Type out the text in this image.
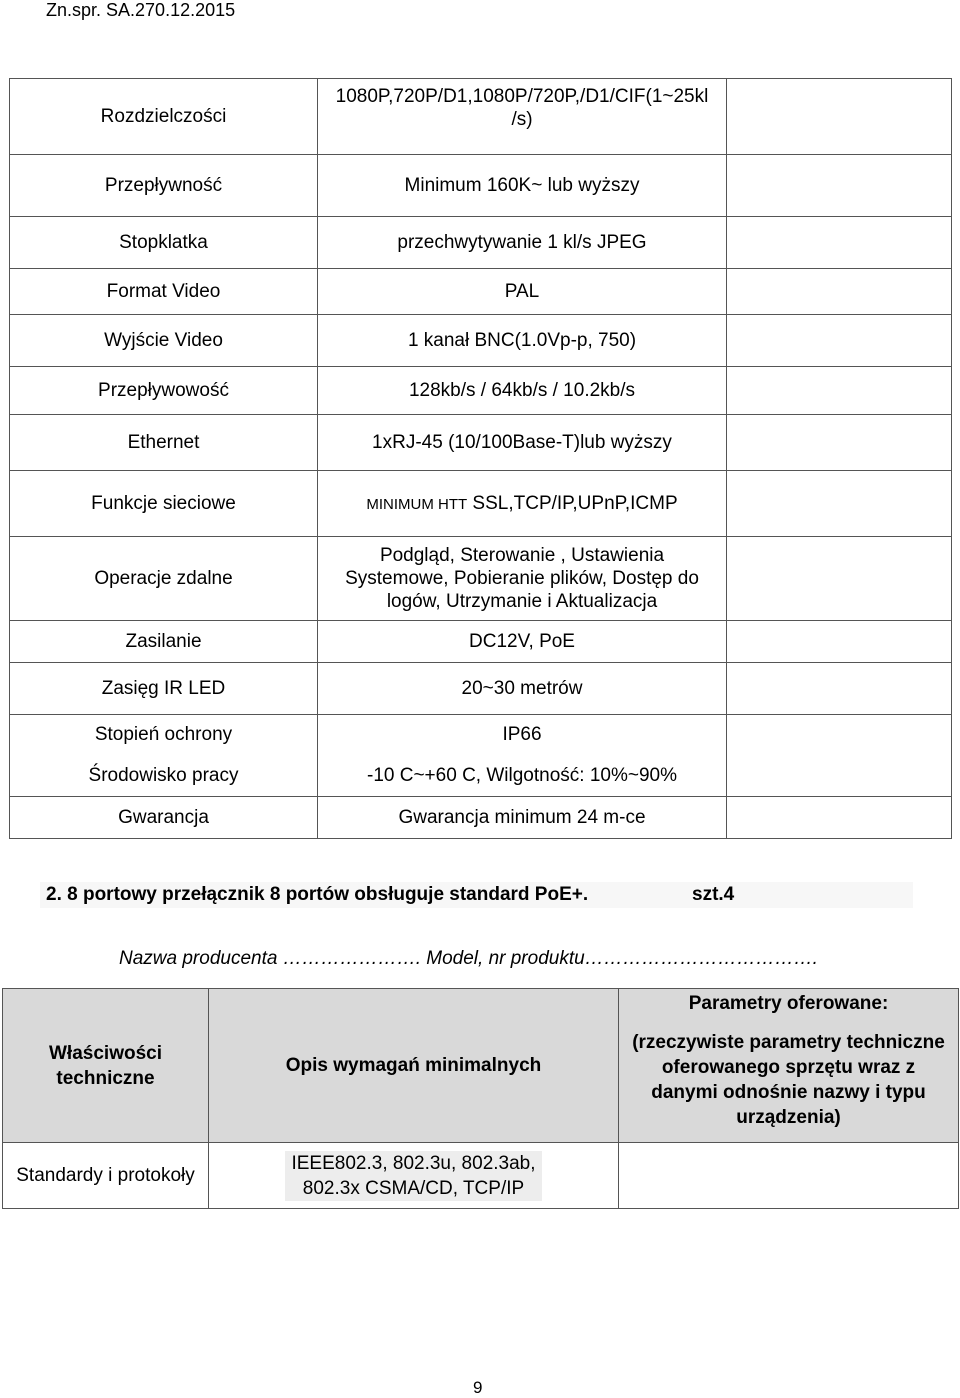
Zn.spr. SA.270.12.2015
Rozdzielczości	1080P,720P/D1,1080P/720P,/D1/CIF(1~25kl
/s)	
Przepływność	Minimum 160K~ lub wyższy	
Stopklatka	przechwytywanie 1 kl/s JPEG	
Format Video	PAL	
Wyjście Video	1 kanał BNC(1.0Vp-p, 750)	
Przepływowość	128kb/s / 64kb/s / 10.2kb/s	
Ethernet	1xRJ-45 (10/100Base-T)lub wyższy	
Funkcje sieciowe	MINIMUM HTT SSL,TCP/IP,UPnP,ICMP	
Operacje zdalne	Podgląd, Sterowanie , Ustawienia
Systemowe, Pobieranie plików, Dostęp do
logów, Utrzymanie i Aktualizacja	
Zasilanie	DC12V, PoE	
Zasięg IR LED	20~30 metrów	
Stopień ochrony	IP66	
Środowisko pracy	-10 C~+60 C, Wilgotność: 10%~90%	
Gwarancja	Gwarancja minimum 24 m-ce	
2. 8 portowy przełącznik 8 portów obsługuje standard PoE+.	szt.4
Nazwa producenta …………………. Model, nr produktu……………………………….
Właściwości
techniczne	Opis wymagań minimalnych	Parametry oferowane:
(rzeczywiste parametry techniczne
oferowanego sprzętu wraz z
danymi odnośnie nazwy i typu
urządzenia)
Standardy i protokoły	IEEE802.3, 802.3u, 802.3ab,
802.3x CSMA/CD, TCP/IP	
9
